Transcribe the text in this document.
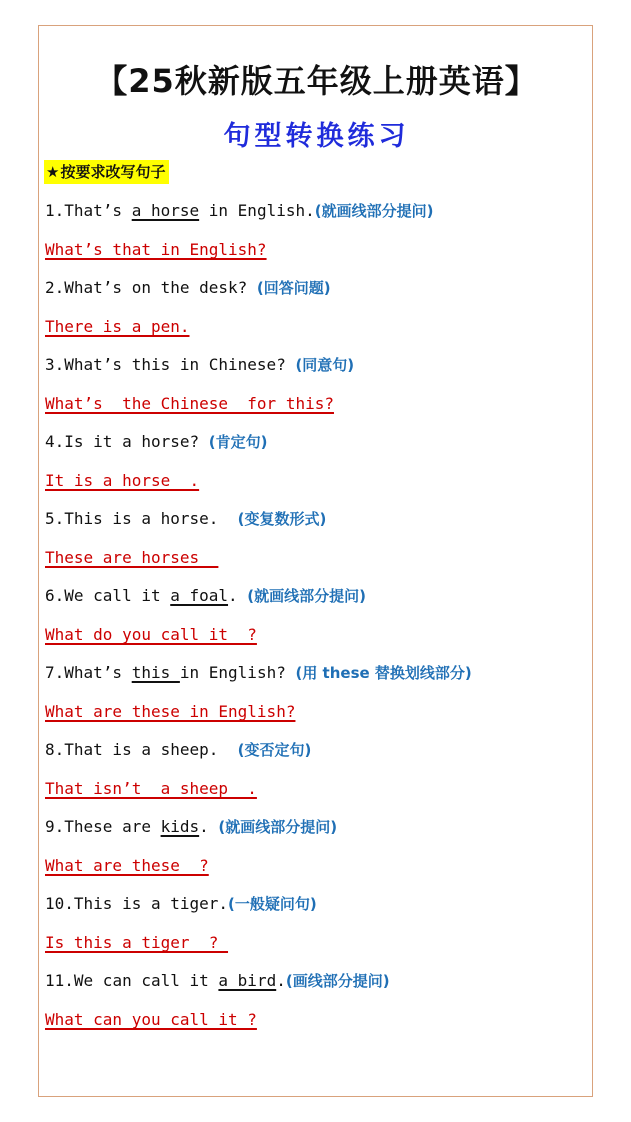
【25秋新版五年级上册英语】
句型转换练习
★按要求改写句子
1.That’s a horse in English.(就画线部分提问)
What’s that in English?
2.What’s on the desk? (回答问题)
There is a pen.
3.What’s this in Chinese? (同意句)
What’s  the Chinese  for this?
4.Is it a horse? (肯定句)
It is a horse  .
5.This is a horse.  (变复数形式)
These are horses
6.We call it a foal. (就画线部分提问)
What do you call it  ?
7.What’s this in English? (用 these 替换划线部分)
What are these in English?
8.That is a sheep.  (变否定句)
That isn’t  a sheep  .
9.These are kids. (就画线部分提问)
What are these  ?
10.This is a tiger.(一般疑问句)
Is this a tiger  ?
11.We can call it a bird.(画线部分提问)
What can you call it ?
